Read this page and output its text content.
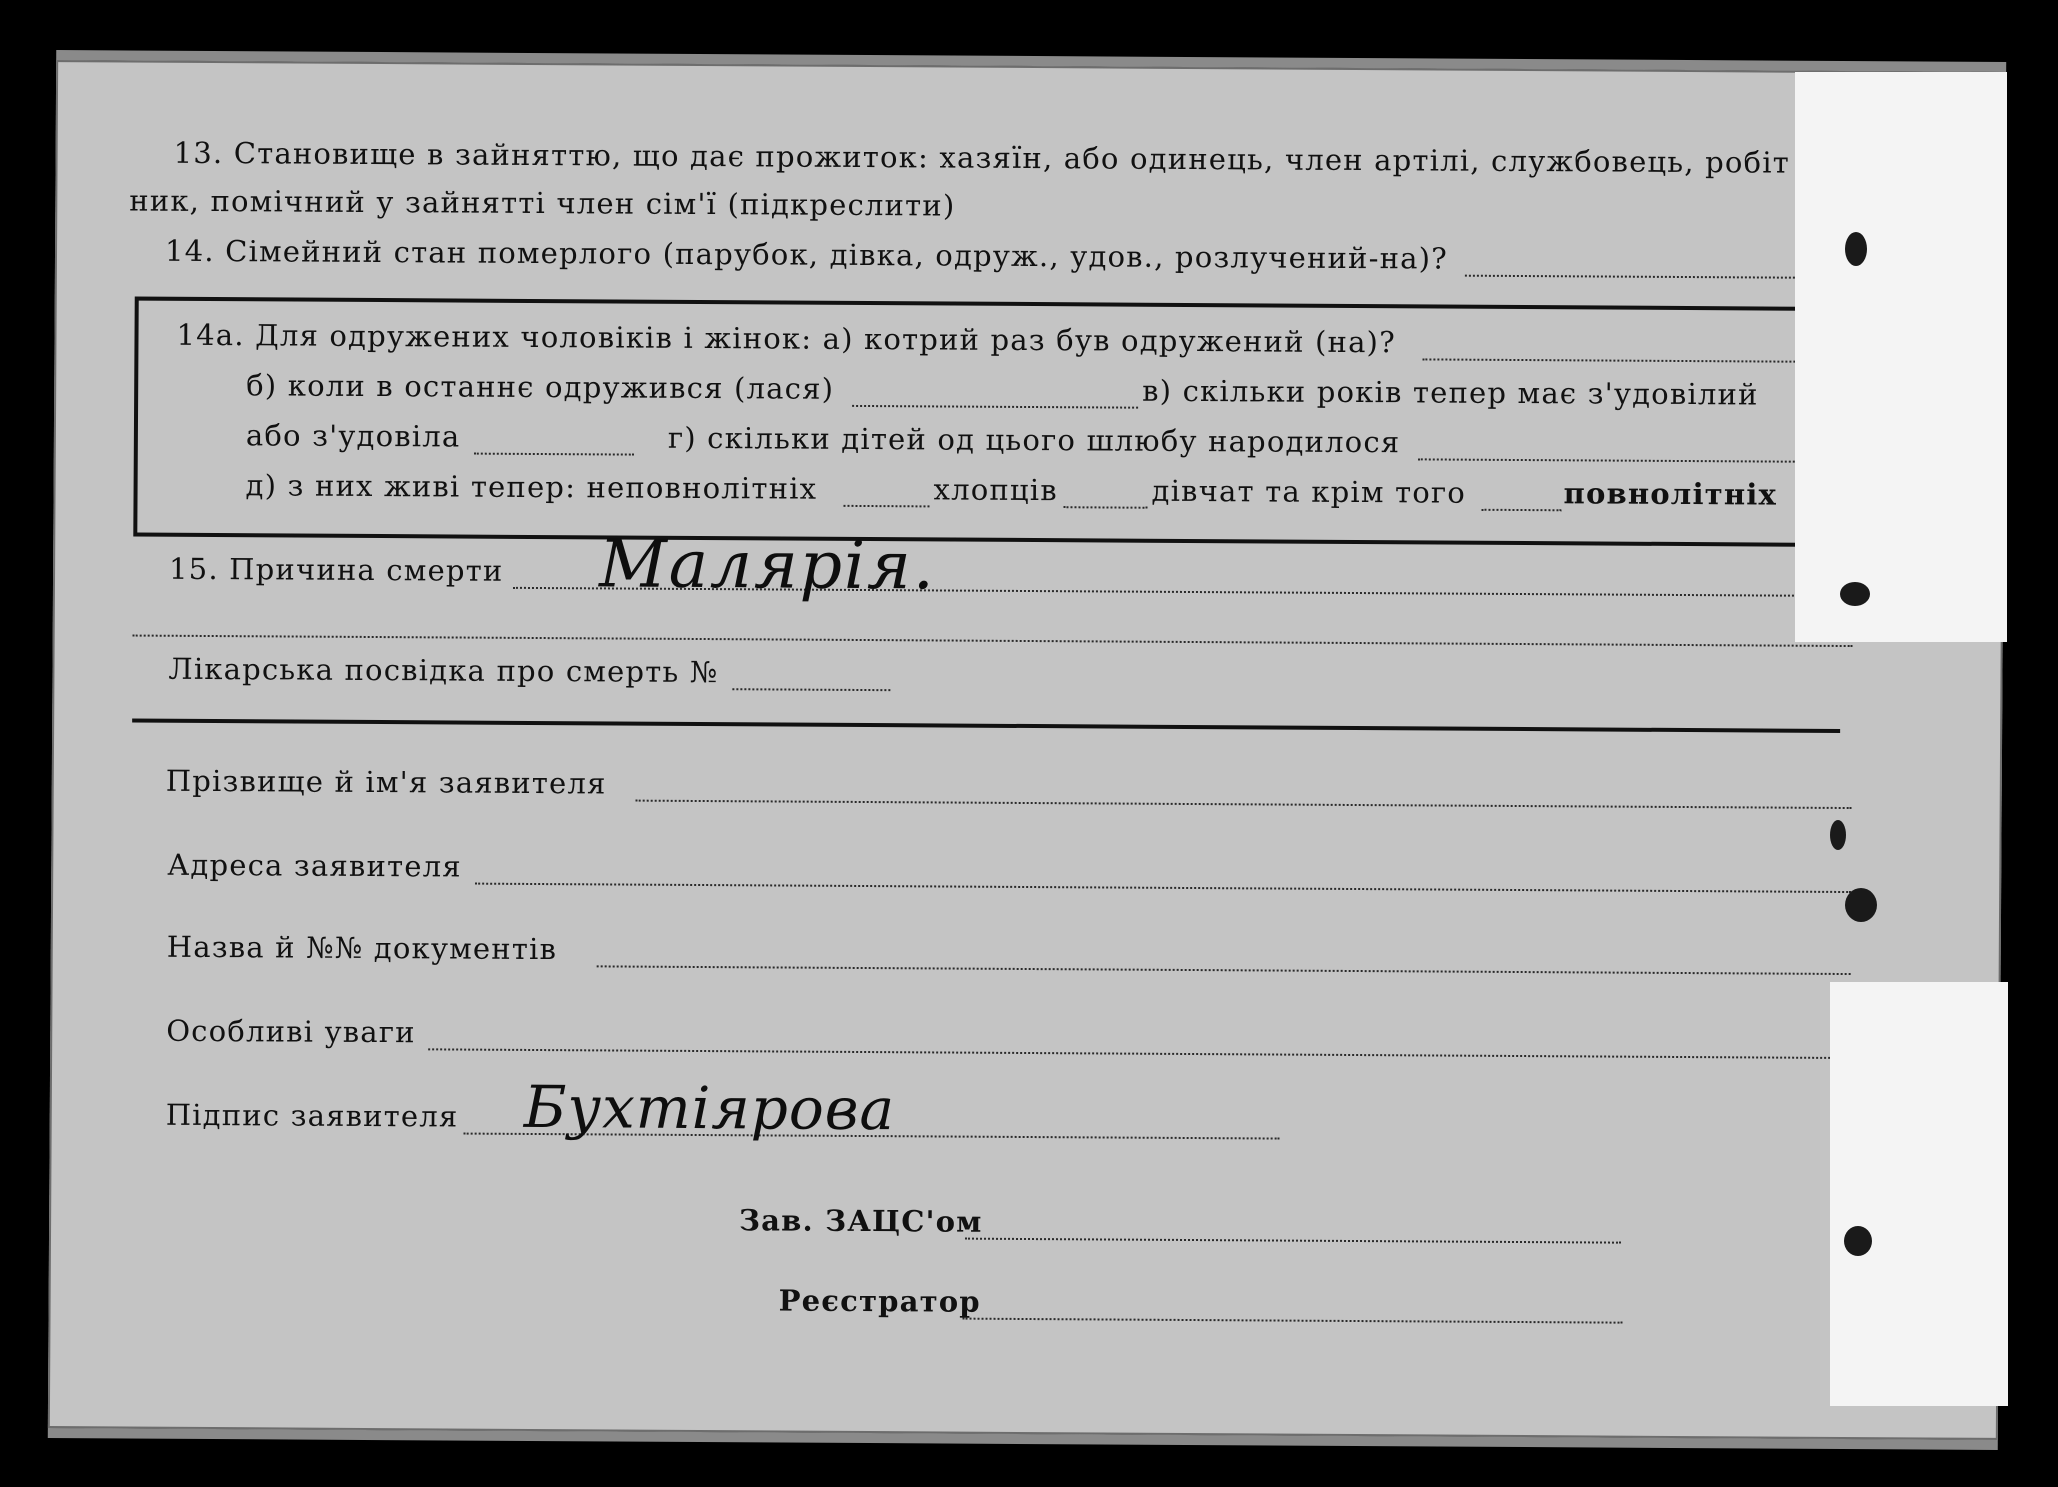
13. Становище в зайняттю, що дає прожиток: хазяїн, або одинець, член артілі, службовець, робіт
ник, помічний у зайнятті член сім'ї (підкреслити)
14. Сімейний стан померлого (парубок, дівка, одруж., удов., розлучений-на)?
14а. Для одружених чоловіків і жінок: а) котрий раз був одружений (на)?
б) коли в останнє одружився (лася)	в) скільки років тепер має з'удовілий
або з'удовіла	г) скільки дітей од цього шлюбу народилося
д) з них живі тепер: неповнолітніх	хлопців	дівчат та крім того	повнолітніх
15. Причина смерти Малярія.
Лікарська посвідка про смерть №
Прізвище й ім'я заявителя
Адреса заявителя
Назва й №№ документів
Особливі уваги
Підпис заявителя Бухтіярова
Зав. ЗАЦС'ом
Реєстратор
